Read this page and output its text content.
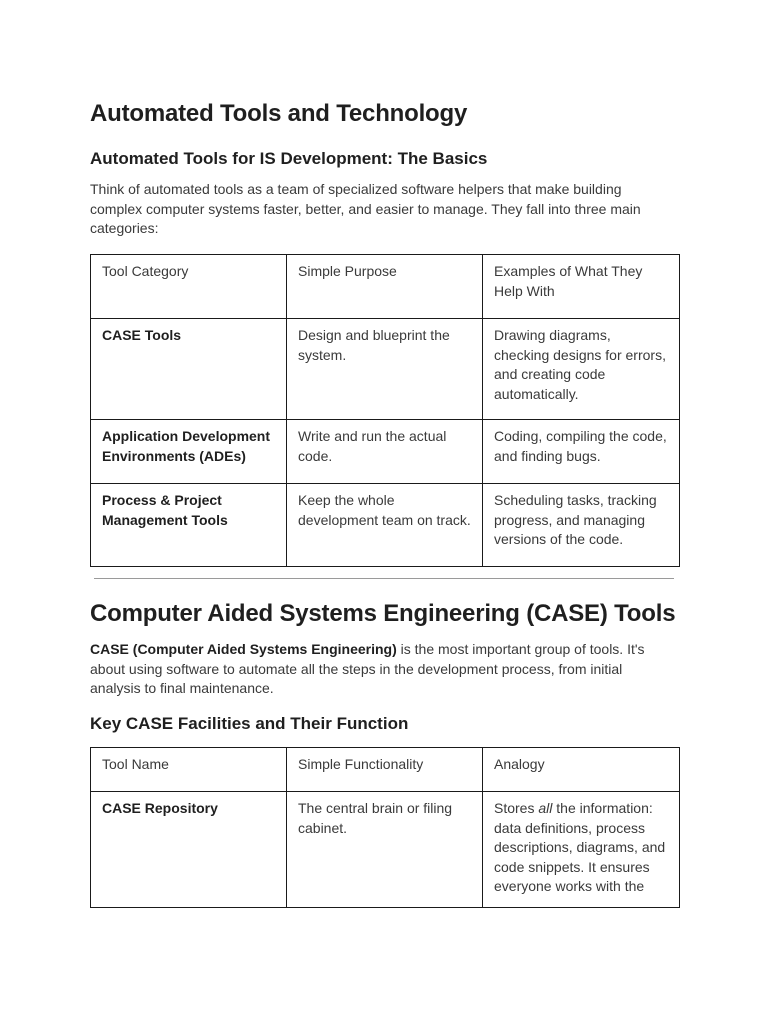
Automated Tools and Technology
Automated Tools for IS Development: The Basics

Think of automated tools as a team of specialized software helpers that make building complex computer systems faster, better, and easier to manage. They fall into three main categories:

Tool Category	Simple Purpose	Examples of What They Help With
CASE Tools	Design and blueprint the system.	Drawing diagrams, checking designs for errors, and creating code automatically.
Application Development Environments (ADEs)	Write and run the actual code.	Coding, compiling the code, and finding bugs.
Process & Project Management Tools	Keep the whole development team on track.	Scheduling tasks, tracking progress, and managing versions of the code.
Computer Aided Systems Engineering (CASE) Tools

CASE (Computer Aided Systems Engineering) is the most important group of tools. It's about using software to automate all the steps in the development process, from initial analysis to final maintenance.

Key CASE Facilities and Their Function
Tool Name	Simple Functionality	Analogy
CASE Repository	The central brain or filing cabinet.	Stores all the information: data definitions, process descriptions, diagrams, and code snippets. It ensures everyone works with the
